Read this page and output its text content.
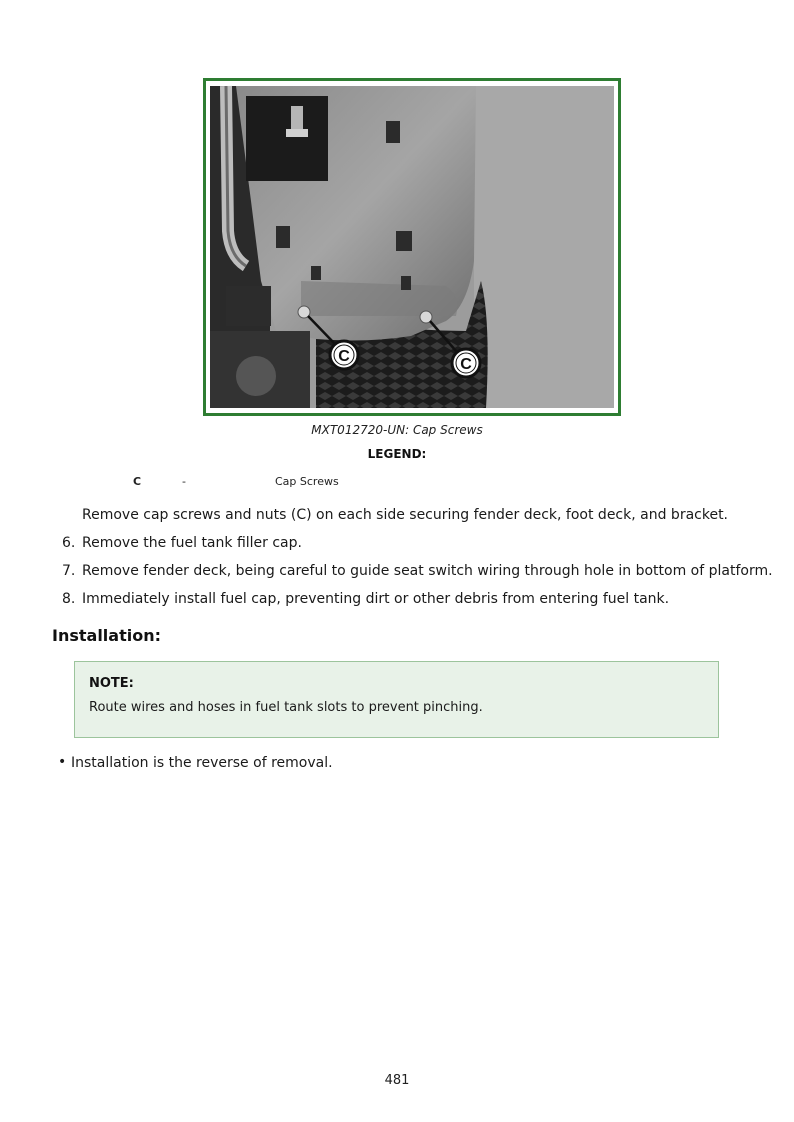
C	C
MXT012720-UN: Cap Screws
LEGEND:
C	-	Cap Screws
Remove cap screws and nuts (C) on each side securing fender deck, foot deck, and bracket.
6. Remove the fuel tank filler cap.
7. Remove fender deck, being careful to guide seat switch wiring through hole in bottom of platform.
8. Immediately install fuel cap, preventing dirt or other debris from entering fuel tank.
Installation:
NOTE:
Route wires and hoses in fuel tank slots to prevent pinching.
• Installation is the reverse of removal.
481
